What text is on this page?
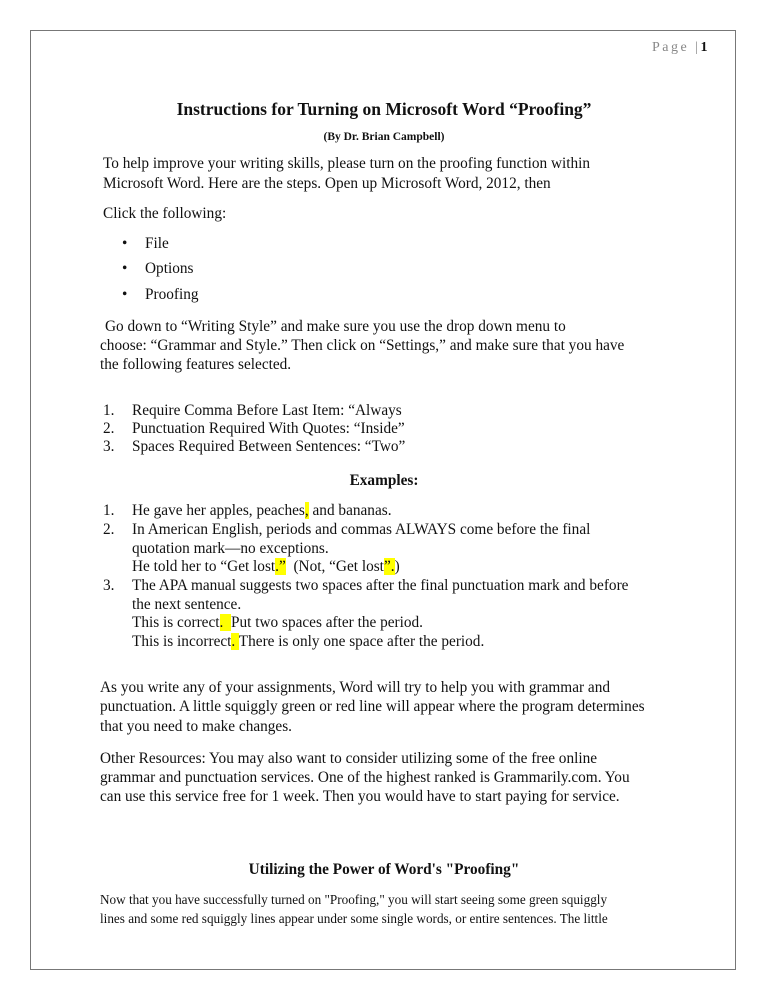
Page |1
Instructions for Turning on Microsoft Word “Proofing”
(By Dr. Brian Campbell)
To help improve your writing skills, please turn on the proofing function within
Microsoft Word. Here are the steps. Open up Microsoft Word, 2012, then
Click the following:
• File
• Options
• Proofing
Go down to “Writing Style” and make sure you use the drop down menu to
choose: “Grammar and Style.” Then click on “Settings,” and make sure that you have
the following features selected.
1. Require Comma Before Last Item: “Always
2. Punctuation Required With Quotes: “Inside”
3. Spaces Required Between Sentences: “Two”
Examples:
1. He gave her apples, peaches, and bananas.
2. In American English, periods and commas ALWAYS come before the final
quotation mark—no exceptions.
He told her to “Get lost.”  (Not, “Get lost”.)
3. The APA manual suggests two spaces after the final punctuation mark and before
the next sentence.
This is correct.  Put two spaces after the period.
This is incorrect. There is only one space after the period.
As you write any of your assignments, Word will try to help you with grammar and
punctuation. A little squiggly green or red line will appear where the program determines
that you need to make changes.
Other Resources: You may also want to consider utilizing some of the free online
grammar and punctuation services. One of the highest ranked is Grammarily.com. You
can use this service free for 1 week. Then you would have to start paying for service.
Utilizing the Power of Word's "Proofing"
Now that you have successfully turned on "Proofing," you will start seeing some green squiggly
lines and some red squiggly lines appear under some single words, or entire sentences. The little
